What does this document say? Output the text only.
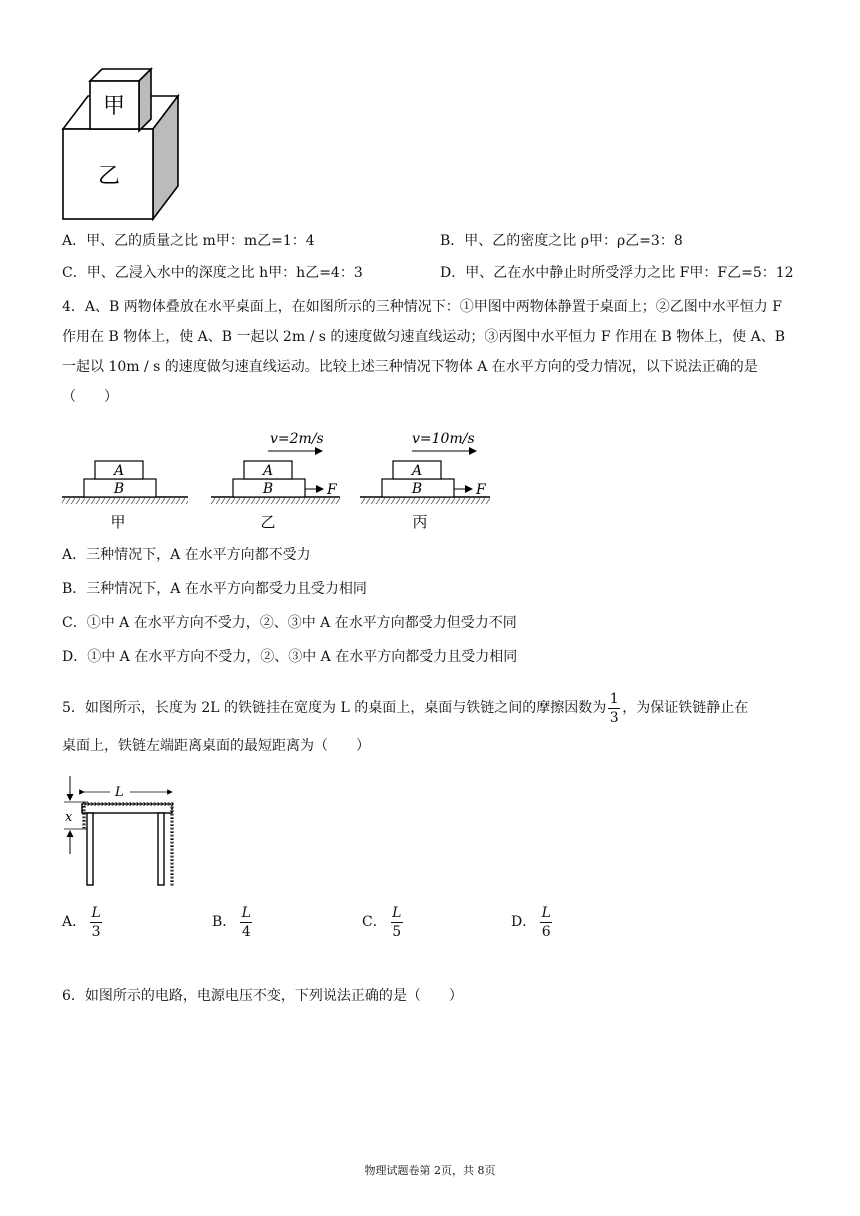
甲
乙
A．甲、乙的质量之比 m甲：m乙=1：4	B．甲、乙的密度之比 ρ甲：ρ乙=3：8
C．甲、乙浸入水中的深度之比 h甲：h乙=4：3	D．甲、乙在水中静止时所受浮力之比 F甲：F乙=5：12
4．A、B 两物体叠放在水平桌面上，在如图所示的三种情况下：①甲图中两物体静置于桌面上；②乙图中水平恒力 F 作用在 B 物体上，使 A、B 一起以 2m / s 的速度做匀速直线运动；③丙图中水平恒力 F 作用在 B 物体上，使 A、B 一起以 10m / s 的速度做匀速直线运动。比较上述三种情况下物体 A 在水平方向的受力情况，以下说法正确的是（　　）
A
B
甲
A
B
v=2m/s
F
乙
A
B
v=10m/s
F
丙
A．三种情况下，A 在水平方向都不受力
B．三种情况下，A 在水平方向都受力且受力相同
C．①中 A 在水平方向不受力，②、③中 A 在水平方向都受力但受力不同
D．①中 A 在水平方向不受力，②、③中 A 在水平方向都受力且受力相同
5．如图所示，长度为 2L 的铁链挂在宽度为 L 的桌面上，桌面与铁链之间的摩擦因数为 $\frac{1}{3}$ ，为保证铁链静止在
桌面上，铁链左端距离桌面的最短距离为（　　）
x
L
A． $\frac{L}{3}$	B． $\frac{L}{4}$	C． $\frac{L}{5}$	D． $\frac{L}{6}$
6．如图所示的电路，电源电压不变，下列说法正确的是（　　）
物理试题卷第 2页，共 8页
